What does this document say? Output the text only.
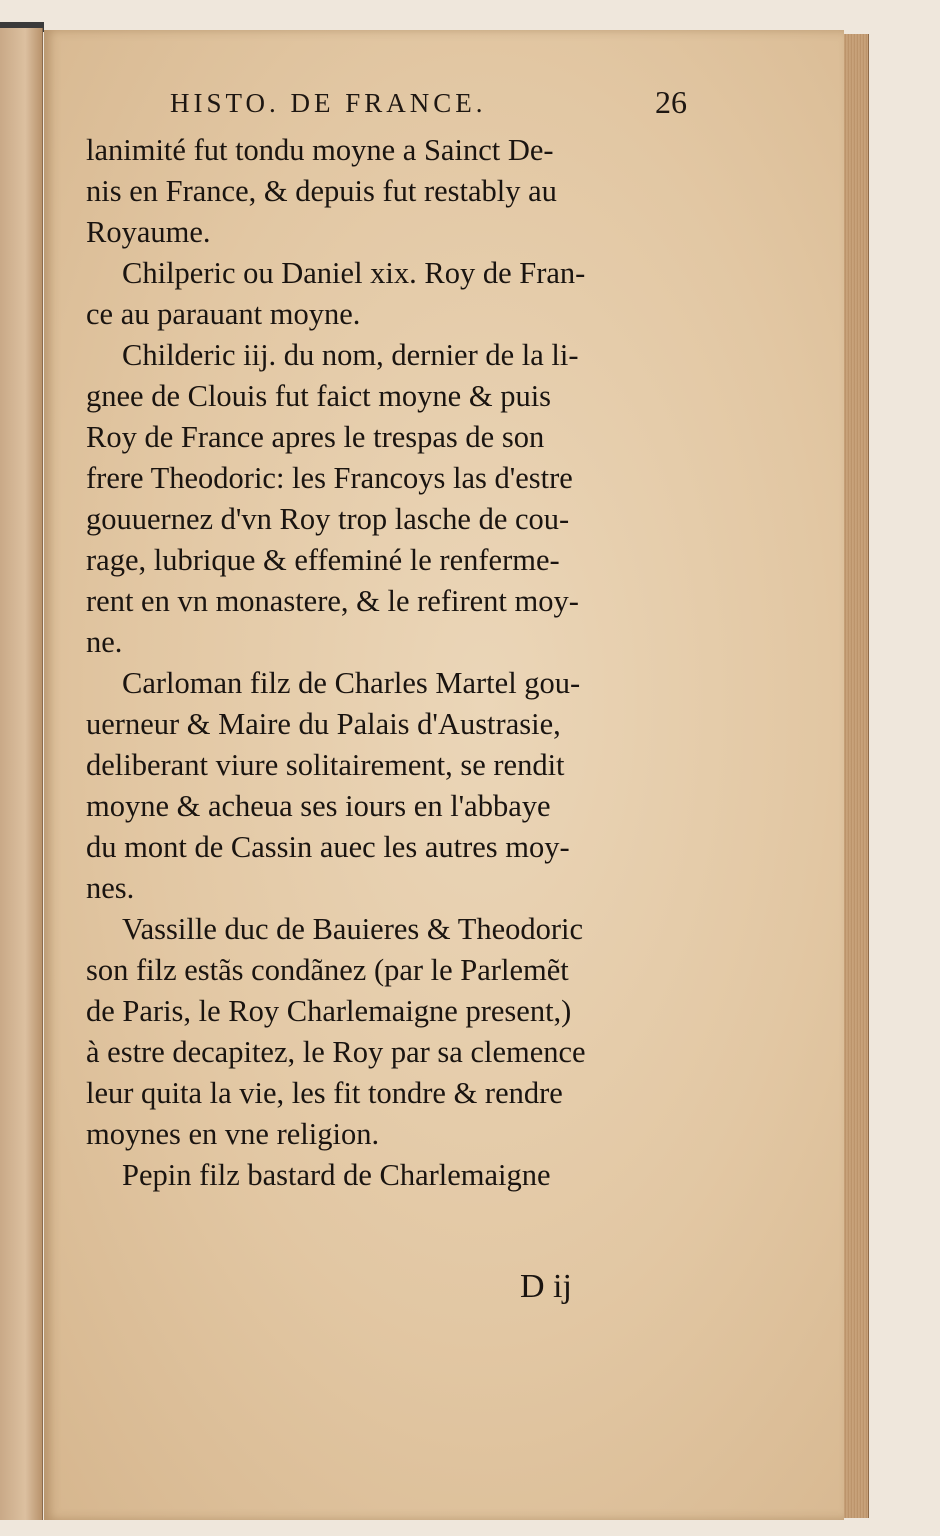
HISTO. DE FRANCE.	26
lanimité fut tondu moyne a Sainct De-
nis en France, & depuis fut restably au
Royaume.
Chilperic ou Daniel xix. Roy de Fran-
ce au parauant moyne.
Childeric iij. du nom, dernier de la li-
gnee de Clouis fut faict moyne & puis
Roy de France apres le trespas de son
frere Theodoric: les Francoys las d'estre
gouuernez d'vn Roy trop lasche de cou-
rage, lubrique & effeminé le renferme-
rent en vn monastere, & le refirent moy-
ne.
Carloman filz de Charles Martel gou-
uerneur & Maire du Palais d'Austrasie,
deliberant viure solitairement, se rendit
moyne & acheua ses iours en l'abbaye
du mont de Cassin auec les autres moy-
nes.
Vassille duc de Bauieres & Theodoric
son filz estãs condãnez (par le Parlemẽt
de Paris, le Roy Charlemaigne present,)
à estre decapitez, le Roy par sa clemence
leur quita la vie, les fit tondre & rendre
moynes en vne religion.
Pepin filz bastard de Charlemaigne
D ij
